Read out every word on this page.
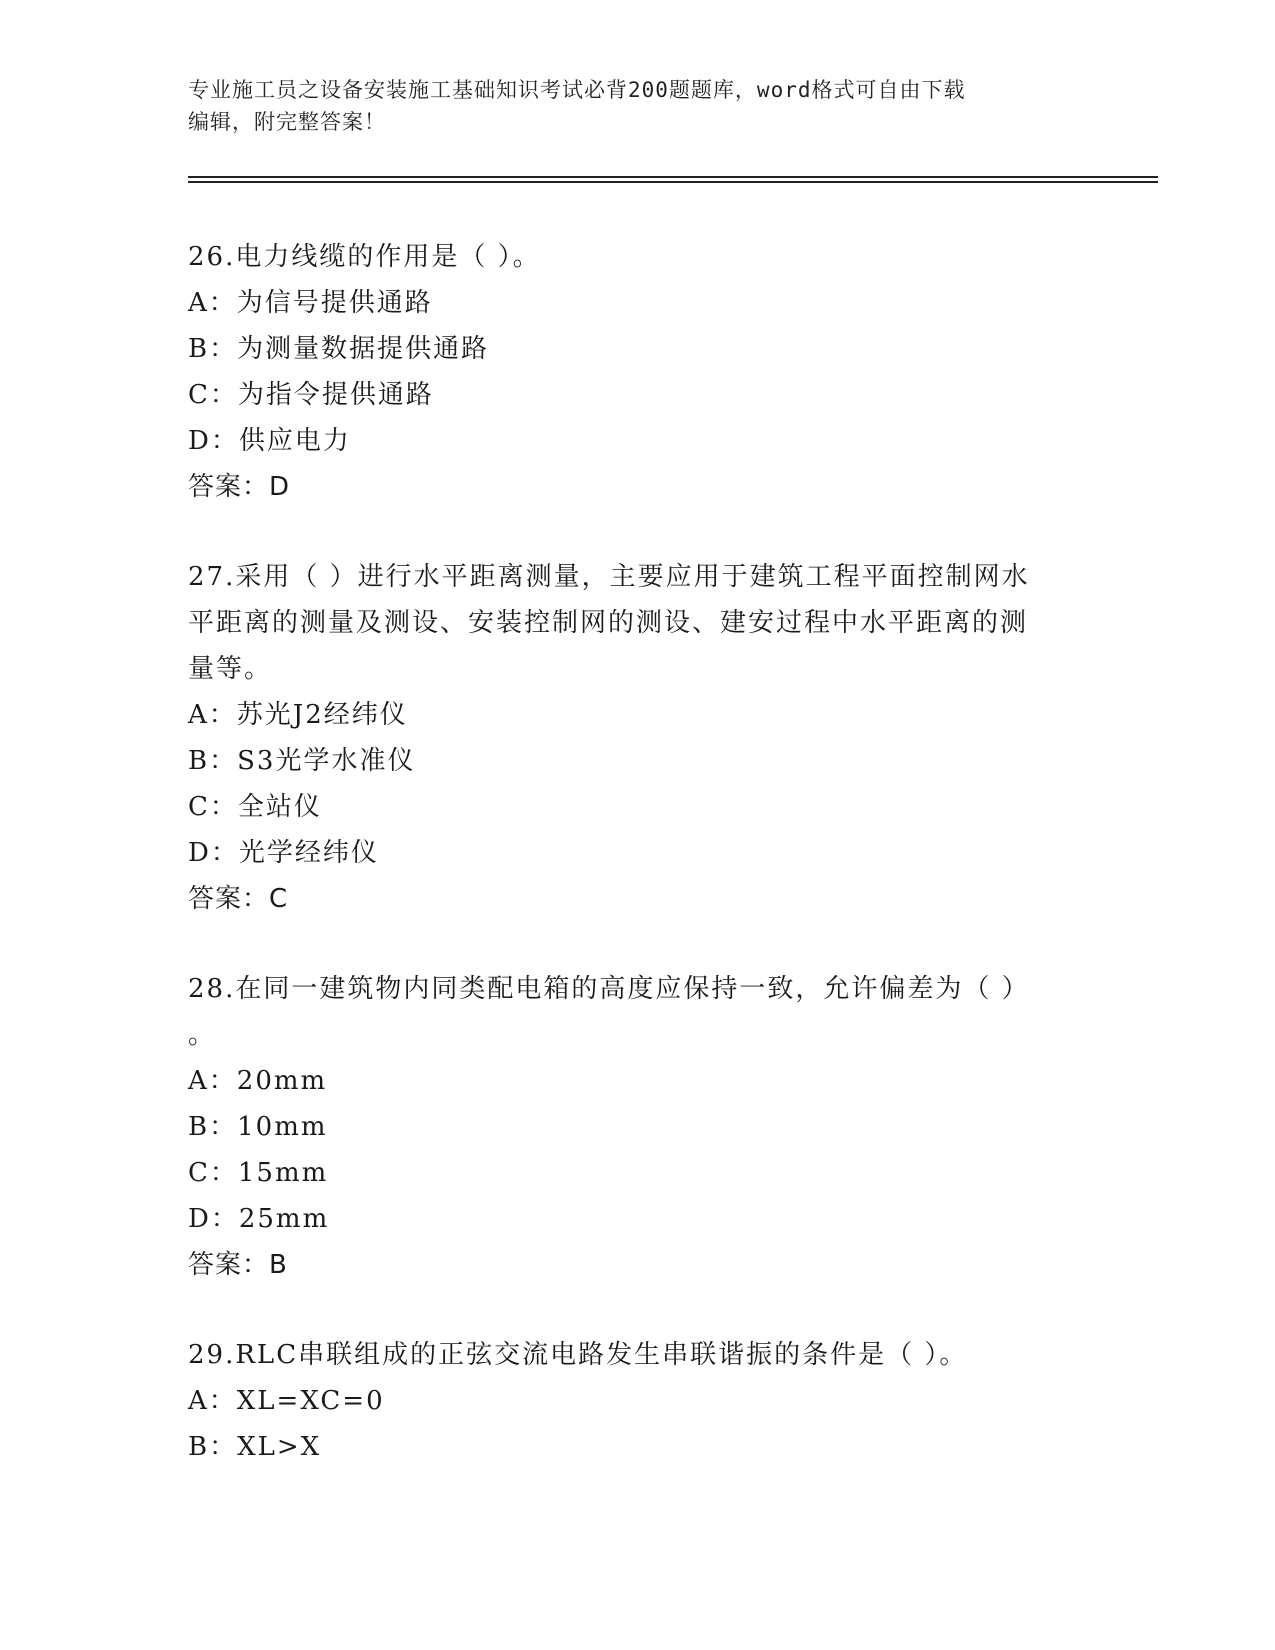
专业施工员之设备安装施工基础知识考试必背200题题库，word格式可自由下载
编辑，附完整答案！

26.电力线缆的作用是（ ）。

A：为信号提供通路

B：为测量数据提供通路

C：为指令提供通路

D：供应电力

答案：D

27.采用（ ）进行水平距离测量，主要应用于建筑工程平面控制网水

平距离的测量及测设、安装控制网的测设、建安过程中水平距离的测

量等。

A：苏光J2经纬仪

B：S3光学水准仪

C：全站仪

D：光学经纬仪

答案：C

28.在同一建筑物内同类配电箱的高度应保持一致，允许偏差为（ ）

。

A：20mm

B：10mm

C：15mm

D：25mm

答案：B

29.RLC串联组成的正弦交流电路发生串联谐振的条件是（ ）。

A：XL=XC=0

B：XL>X
